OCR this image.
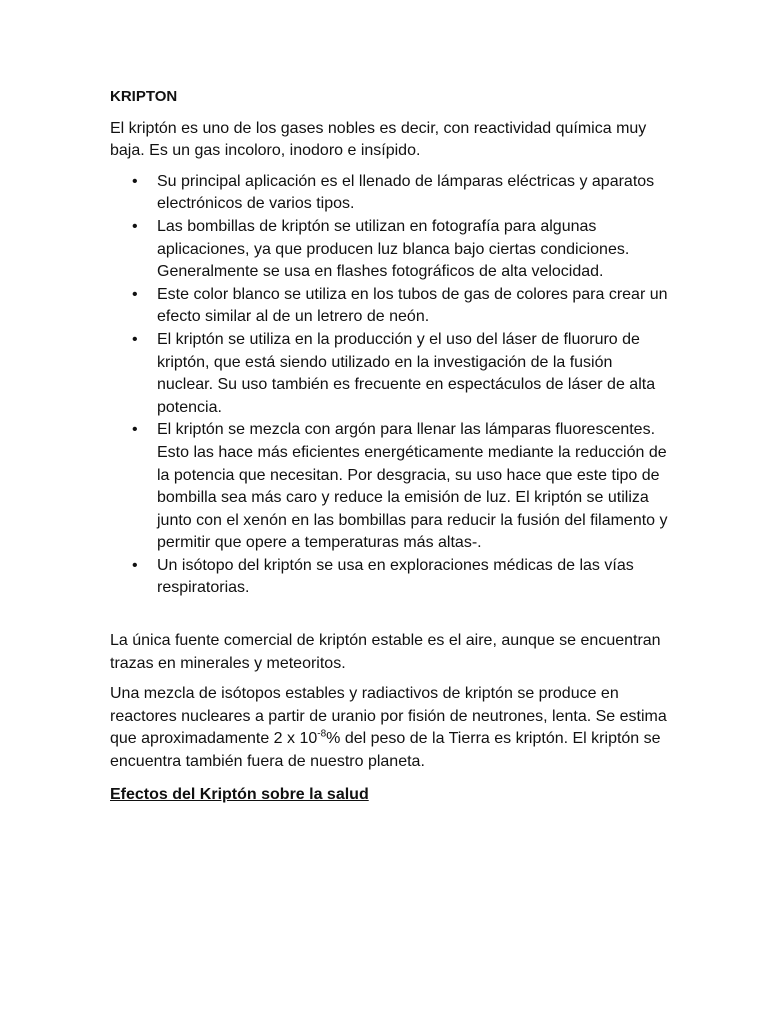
KRIPTON

El kriptón es uno de los gases nobles es decir, con reactividad química muy baja. Es un gas incoloro, inodoro e insípido.

• Su principal aplicación es el llenado de lámparas eléctricas y aparatos electrónicos de varios tipos.
• Las bombillas de kriptón se utilizan en fotografía para algunas aplicaciones, ya que producen luz blanca bajo ciertas condiciones. Generalmente se usa en flashes fotográficos de alta velocidad.
• Este color blanco se utiliza en los tubos de gas de colores para crear un efecto similar al de un letrero de neón.
• El kriptón se utiliza en la producción y el uso del láser de fluoruro de kriptón, que está siendo utilizado en la investigación de la fusión nuclear. Su uso también es frecuente en espectáculos de láser de alta potencia.
• El kriptón se mezcla con argón para llenar las lámparas fluorescentes. Esto las hace más eficientes energéticamente mediante la reducción de la potencia que necesitan. Por desgracia, su uso hace que este tipo de bombilla sea más caro y reduce la emisión de luz. El kriptón se utiliza junto con el xenón en las bombillas para reducir la fusión del filamento y permitir que opere a temperaturas más altas-.
• Un isótopo del kriptón se usa en exploraciones médicas de las vías respiratorias.

La única fuente comercial de kriptón estable es el aire, aunque se encuentran trazas en minerales y meteoritos.

Una mezcla de isótopos estables y radiactivos de kriptón se produce en reactores nucleares a partir de uranio por fisión de neutrones, lenta. Se estima que aproximadamente 2 x $10^{-8}\%$ del peso de la Tierra es kriptón. El kriptón se encuentra también fuera de nuestro planeta.

Efectos del Kriptón sobre la salud
